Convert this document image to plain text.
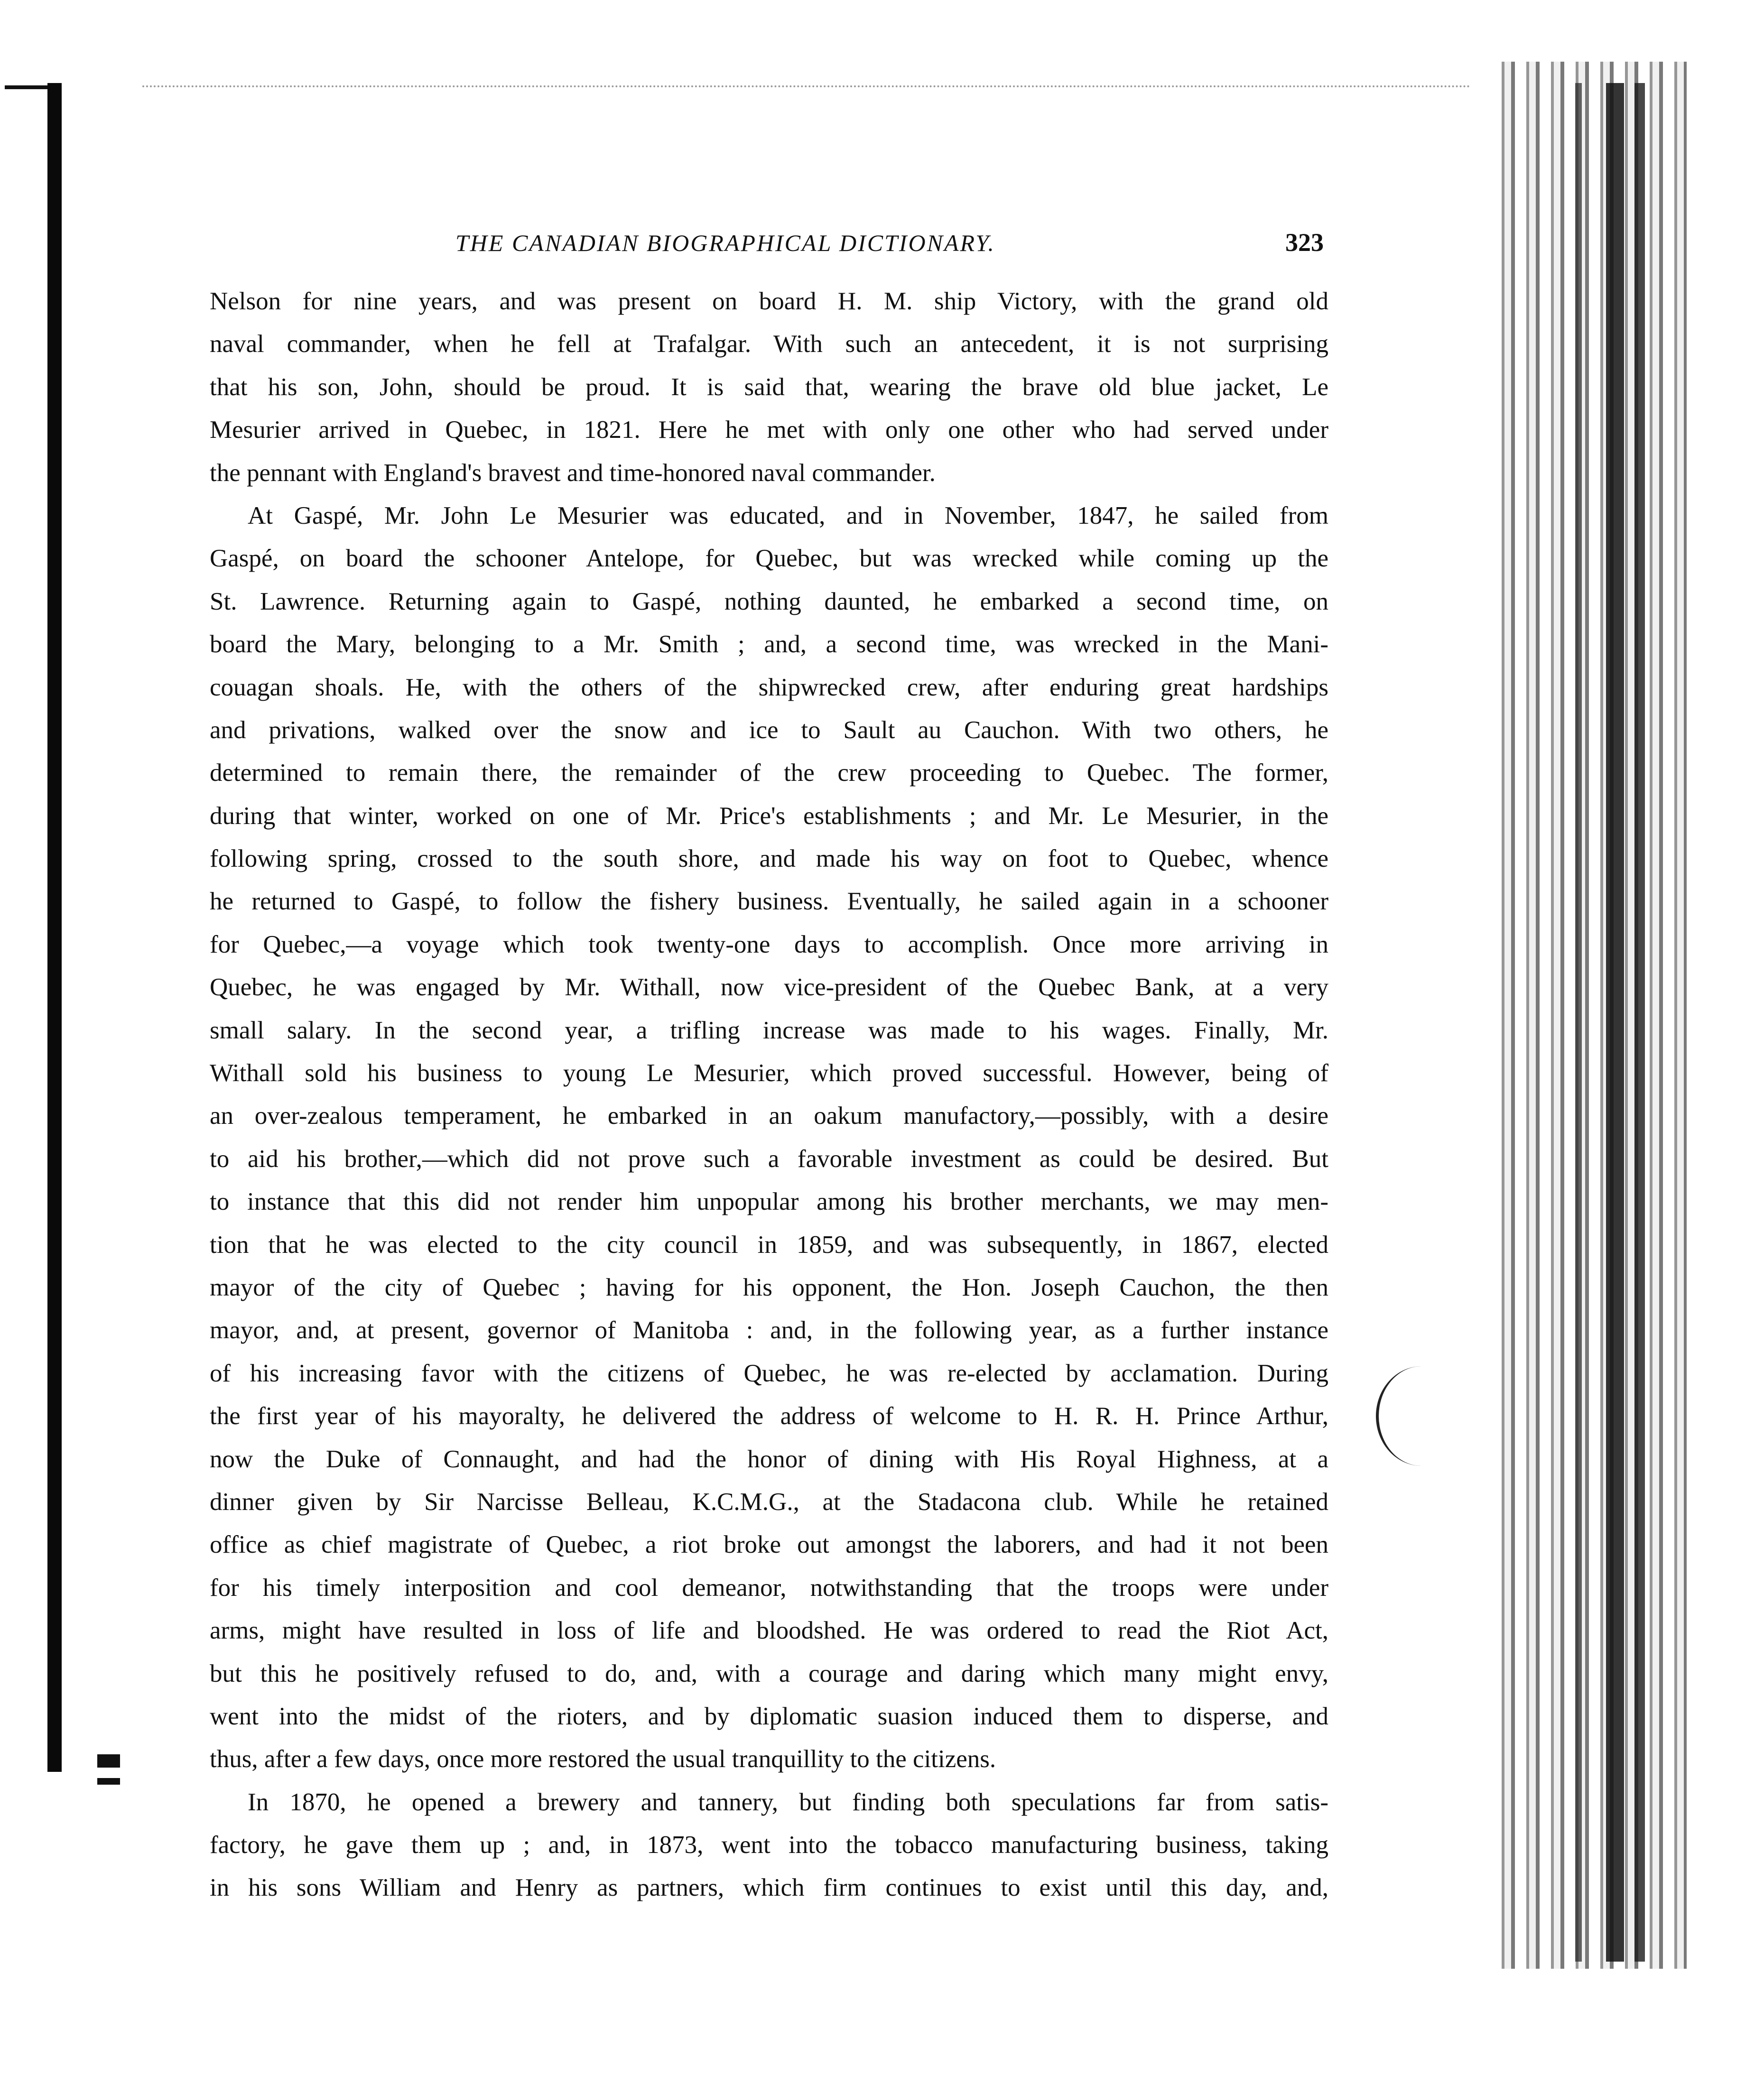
THE CANADIAN BIOGRAPHICAL DICTIONARY.	323
Nelson for nine years, and was present on board H. M. ship Victory, with the grand old
naval commander, when he fell at Trafalgar. With such an antecedent, it is not surprising
that his son, John, should be proud. It is said that, wearing the brave old blue jacket, Le
Mesurier arrived in Quebec, in 1821. Here he met with only one other who had served under
the pennant with England's bravest and time-honored naval commander.
At Gaspé, Mr. John Le Mesurier was educated, and in November, 1847, he sailed from
Gaspé, on board the schooner Antelope, for Quebec, but was wrecked while coming up the
St. Lawrence. Returning again to Gaspé, nothing daunted, he embarked a second time, on
board the Mary, belonging to a Mr. Smith ; and, a second time, was wrecked in the Mani-
couagan shoals. He, with the others of the shipwrecked crew, after enduring great hardships
and privations, walked over the snow and ice to Sault au Cauchon. With two others, he
determined to remain there, the remainder of the crew proceeding to Quebec. The former,
during that winter, worked on one of Mr. Price's establishments ; and Mr. Le Mesurier, in the
following spring, crossed to the south shore, and made his way on foot to Quebec, whence
he returned to Gaspé, to follow the fishery business. Eventually, he sailed again in a schooner
for Quebec,—a voyage which took twenty-one days to accomplish. Once more arriving in
Quebec, he was engaged by Mr. Withall, now vice-president of the Quebec Bank, at a very
small salary. In the second year, a trifling increase was made to his wages. Finally, Mr.
Withall sold his business to young Le Mesurier, which proved successful. However, being of
an over-zealous temperament, he embarked in an oakum manufactory,—possibly, with a desire
to aid his brother,—which did not prove such a favorable investment as could be desired. But
to instance that this did not render him unpopular among his brother merchants, we may men-
tion that he was elected to the city council in 1859, and was subsequently, in 1867, elected
mayor of the city of Quebec ; having for his opponent, the Hon. Joseph Cauchon, the then
mayor, and, at present, governor of Manitoba : and, in the following year, as a further instance
of his increasing favor with the citizens of Quebec, he was re-elected by acclamation. During
the first year of his mayoralty, he delivered the address of welcome to H. R. H. Prince Arthur,
now the Duke of Connaught, and had the honor of dining with His Royal Highness, at a
dinner given by Sir Narcisse Belleau, K.C.M.G., at the Stadacona club. While he retained
office as chief magistrate of Quebec, a riot broke out amongst the laborers, and had it not been
for his timely interposition and cool demeanor, notwithstanding that the troops were under
arms, might have resulted in loss of life and bloodshed. He was ordered to read the Riot Act,
but this he positively refused to do, and, with a courage and daring which many might envy,
went into the midst of the rioters, and by diplomatic suasion induced them to disperse, and
thus, after a few days, once more restored the usual tranquillity to the citizens.
In 1870, he opened a brewery and tannery, but finding both speculations far from satis-
factory, he gave them up ; and, in 1873, went into the tobacco manufacturing business, taking
in his sons William and Henry as partners, which firm continues to exist until this day, and,
